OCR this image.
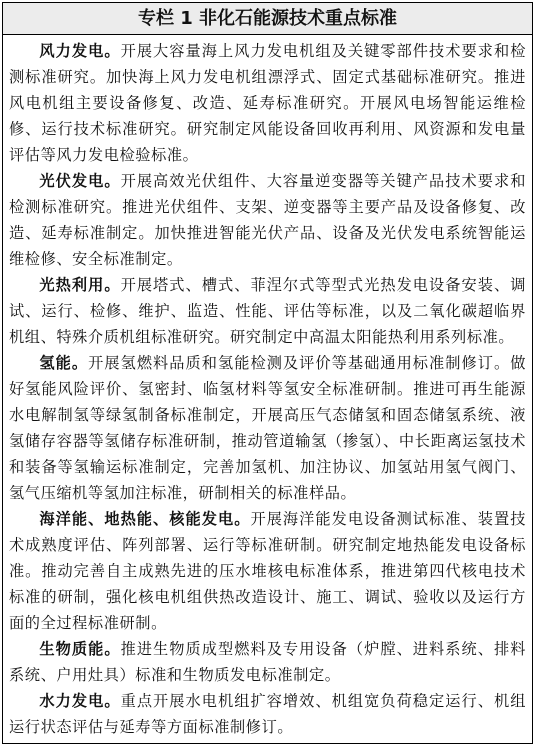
专栏 1 非化石能源技术重点标准

风力发电。开展大容量海上风力发电机组及关键零部件技术要求和检测标准研究。加快海上风力发电机组漂浮式、固定式基础标准研究。推进风电机组主要设备修复、改造、延寿标准研究。开展风电场智能运维检修、运行技术标准研究。研究制定风能设备回收再利用、风资源和发电量评估等风力发电检验标准。

光伏发电。开展高效光伏组件、大容量逆变器等关键产品技术要求和检测标准研究。推进光伏组件、支架、逆变器等主要产品及设备修复、改造、延寿标准制定。加快推进智能光伏产品、设备及光伏发电系统智能运维检修、安全标准制定。

光热利用。开展塔式、槽式、菲涅尔式等型式光热发电设备安装、调试、运行、检修、维护、监造、性能、评估等标准，以及二氧化碳超临界机组、特殊介质机组标准研究。研究制定中高温太阳能热利用系列标准。

氢能。开展氢燃料品质和氢能检测及评价等基础通用标准制修订。做好氢能风险评价、氢密封、临氢材料等氢安全标准研制。推进可再生能源水电解制氢等绿氢制备标准制定，开展高压气态储氢和固态储氢系统、液氢储存容器等氢储存标准研制，推动管道输氢（掺氢）、中长距离运氢技术和装备等氢输运标准制定，完善加氢机、加注协议、加氢站用氢气阀门、氢气压缩机等氢加注标准，研制相关的标准样品。

海洋能、地热能、核能发电。开展海洋能发电设备测试标准、装置技术成熟度评估、阵列部署、运行等标准研制。研究制定地热能发电设备标准。推动完善自主成熟先进的压水堆核电标准体系，推进第四代核电技术标准的研制，强化核电机组供热改造设计、施工、调试、验收以及运行方面的全过程标准研制。

生物质能。推进生物质成型燃料及专用设备（炉膛、进料系统、排料系统、户用灶具）标准和生物质发电标准制定。

水力发电。重点开展水电机组扩容增效、机组宽负荷稳定运行、机组运行状态评估与延寿等方面标准制修订。
